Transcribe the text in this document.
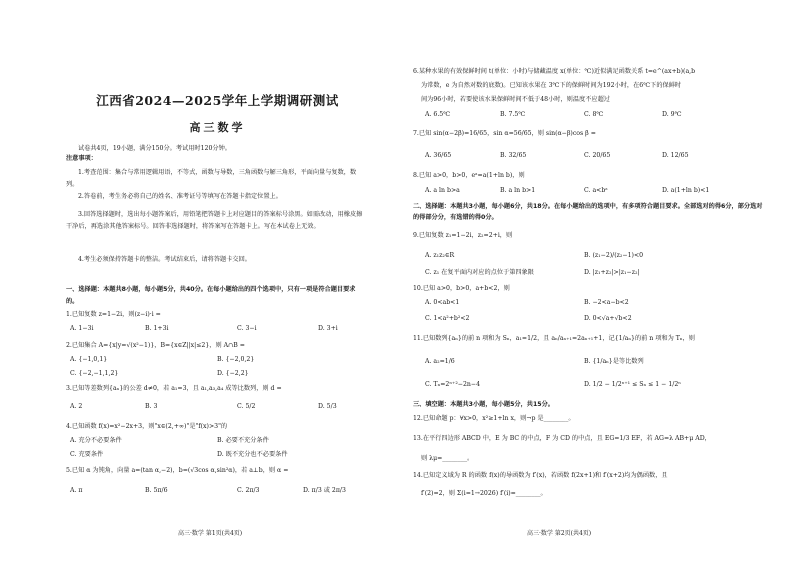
江西省2024—2025学年上学期调研测试
高三数学
试卷共4页，19小题，满分150分。考试用时120分钟。
注意事项：
1.考查范围：集合与常用逻辑用语，不等式，函数与导数，三角函数与解三角形，平面向量与复数，数列。
2.答卷前，考生务必将自己的姓名、准考证号等填写在答题卡指定位置上。
3.回答选择题时，选出每小题答案后，用铅笔把答题卡上对应题目的答案标号涂黑。如需改动，用橡皮擦干净后，再选涂其他答案标号。回答非选择题时，将答案写在答题卡上。写在本试卷上无效。
4.考生必须保持答题卡的整洁。考试结束后，请将答题卡交回。
一、选择题：本题共8小题，每小题5分，共40分。在每小题给出的四个选项中，只有一项是符合题目要求的。
1.已知复数 z=1−2i，则(z−i)·i =
A. 1−3i	B. 1+3i	C. 3−i	D. 3+i
2.已知集合 A={x|y=√(x²−1)}，B={x∈Z||x|≤2}，则 A∩B =
A. {−1,0,1}	B. {−2,0,2}
C. {−2,−1,1,2}	D. {−2,2}
3.已知等差数列{aₙ}的公差 d≠0，若 a₁=3，且 a₁,a₃,a₄ 成等比数列，则 d =
A. 2	B. 3	C. 5/2	D. 5/3
4.已知函数 f(x)=x²−2x+3，则"x∈(2,+∞)"是"f(x)>3"的
A. 充分不必要条件	B. 必要不充分条件
C. 充要条件	D. 既不充分也不必要条件
5.已知 α 为钝角，向量 a=(tan α,−2)，b=(√3cos α,sin²α)，若 a⊥b，则 α =
A. π	B. 5π/6	C. 2π/3	D. π/3 或 2π/3
高三·数学 第1页(共4页)
6.某种水果的有效保鲜时间 t(单位：小时)与储藏温度 x(单位：℃)近似满足函数关系 t=e^(ax+b)(a,b
为常数，e 为自然对数的底数)。已知该水果在 3℃下的保鲜时间为192小时，在6℃下的保鲜时
间为96小时，若要使该水果保鲜时间不低于48小时，则温度不应超过
A. 6.5℃	B. 7.5℃	C. 8℃	D. 9℃
7.已知 sin(α−2β)=16/65，sin α=56/65，则 sin(α−β)cos β =
A. 36/65	B. 32/65	C. 20/65	D. 12/65
8.已知 a>0，b>0，eᵃ=a(1+ln b)，则
A. a ln b>a	B. a ln b>1	C. a<bᵃ	D. a(1+ln b)<1
二、选择题：本题共3小题，每小题6分，共18分。在每小题给出的选项中，有多项符合题目要求。全部选对的得6分，部分选对的得部分分，有选错的得0分。
9.已知复数 z₁=1−2i，z₂=2+i，则
A. z₁z₂∈R	B. (z₁−2)/(z₂−1)<0
C. z₁ 在复平面内对应的点位于第四象限	D. |z₁+z₂|>|z₁−z₂|
10.已知 a>0，b>0，a+b<2，则
A. 0<ab<1	B. −2<a−b<2
C. 1<a²+b²<2	D. 0<√a+√b<2
11.已知数列{aₙ}的前 n 项和为 Sₙ，a₁=1/2，且 aₙ/aₙ₊₁=2aₙ₊₁+1，记{1/aₙ}的前 n 项和为 Tₙ，则
A. a₂=1/6	B. {1/aₙ}是等比数列
C. Tₙ=2ⁿ⁺²−2n−4	D. 1/2 − 1/2ⁿ⁺¹ ≤ Sₙ ≤ 1 − 1/2ⁿ
三、填空题：本题共3小题，每小题5分，共15分。
12.已知命题 p：∀x>0，x²≥1+ln x，则¬p 是________。
13.在平行四边形 ABCD 中，E 为 BC 的中点，F 为 CD 的中点，且 EG=1/3 EF，若 AG=λ AB+μ AD，
则 λμ=________。
14.已知定义域为 R 的函数 f(x)的导函数为 f′(x)，若函数 f(2x+1)和 f′(x+2)均为偶函数，且
f′(2)=2，则 Σ(i=1→2026) f′(i)=________。
高三·数学 第2页(共4页)
